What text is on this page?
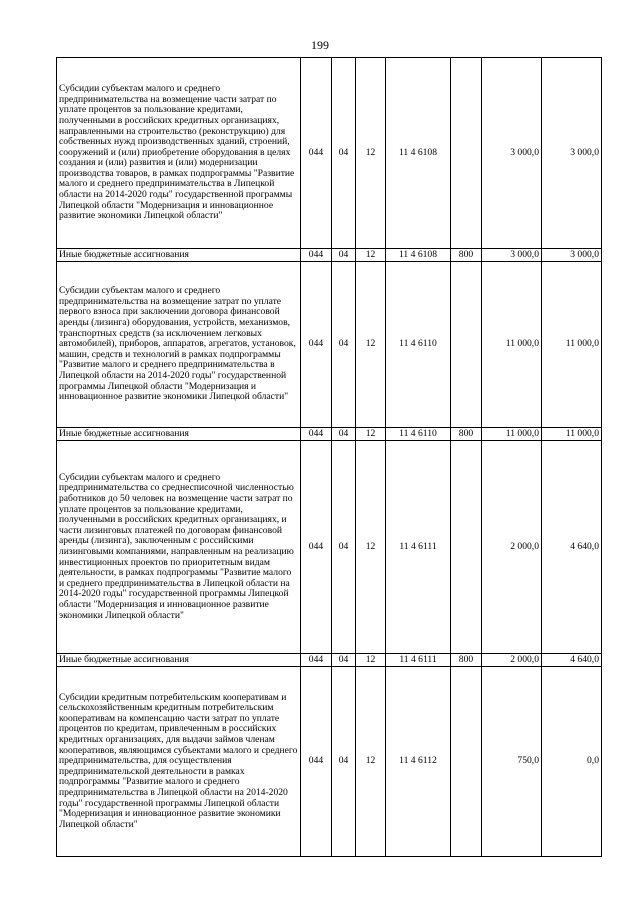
199
Субсидии субъектам малого и среднего предпринимательства на возмещение части затрат по уплате процентов за пользование кредитами, полученными в российских кредитных организациях, направленными на строительство (реконструкцию) для собственных нужд производственных зданий, строений, сооружений и (или) приобретение оборудования в целях создания и (или) развития и (или) модернизации производства товаров, в рамках подпрограммы "Развитие малого и среднего предпринимательства в Липецкой области на 2014-2020 годы" государственной программы Липецкой области "Модернизация и инновационное развитие экономики Липецкой области"	044	04	12	11 4 6108		3 000,0	3 000,0
Иные бюджетные ассигнования	044	04	12	11 4 6108	800	3 000,0	3 000,0
Субсидии субъектам малого и среднего предпринимательства на возмещение затрат по уплате первого взноса при заключении договора финансовой аренды (лизинга) оборудования, устройств, механизмов, транспортных средств (за исключением легковых автомобилей), приборов, аппаратов, агрегатов, установок, машин, средств и технологий в рамках подпрограммы "Развитие малого и среднего предпринимательства в Липецкой области на 2014-2020 годы" государственной программы Липецкой области "Модернизация и инновационное развитие экономики Липецкой области"	044	04	12	11 4 6110		11 000,0	11 000,0
Иные бюджетные ассигнования	044	04	12	11 4 6110	800	11 000,0	11 000,0
Субсидии субъектам малого и среднего предпринимательства со среднесписочной численностью работников до 50 человек на возмещение части затрат по уплате процентов за пользование кредитами, полученными в российских кредитных организациях, и части лизинговых платежей по договорам финансовой аренды (лизинга), заключенным с российскими лизинговыми компаниями, направленным на реализацию инвестиционных проектов по приоритетным видам деятельности, в рамках подпрограммы "Развитие малого и среднего предпринимательства в Липецкой области на 2014-2020 годы" государственной программы Липецкой области "Модернизация и инновационное развитие экономики Липецкой области"	044	04	12	11 4 6111		2 000,0	4 640,0
Иные бюджетные ассигнования	044	04	12	11 4 6111	800	2 000,0	4 640,0
Субсидии кредитным потребительским кооперативам и сельскохозяйственным кредитным потребительским кооперативам на компенсацию части затрат по уплате процентов по кредитам, привлеченным в российских кредитных организациях, для выдачи займов членам кооперативов, являющимся субъектами малого и среднего предпринимательства, для осуществления предпринимательской деятельности в рамках подпрограммы "Развитие малого и среднего предпринимательства в Липецкой области на 2014-2020 годы" государственной программы Липецкой области "Модернизация и инновационное развитие экономики Липецкой области"	044	04	12	11 4 6112		750,0	0,0
